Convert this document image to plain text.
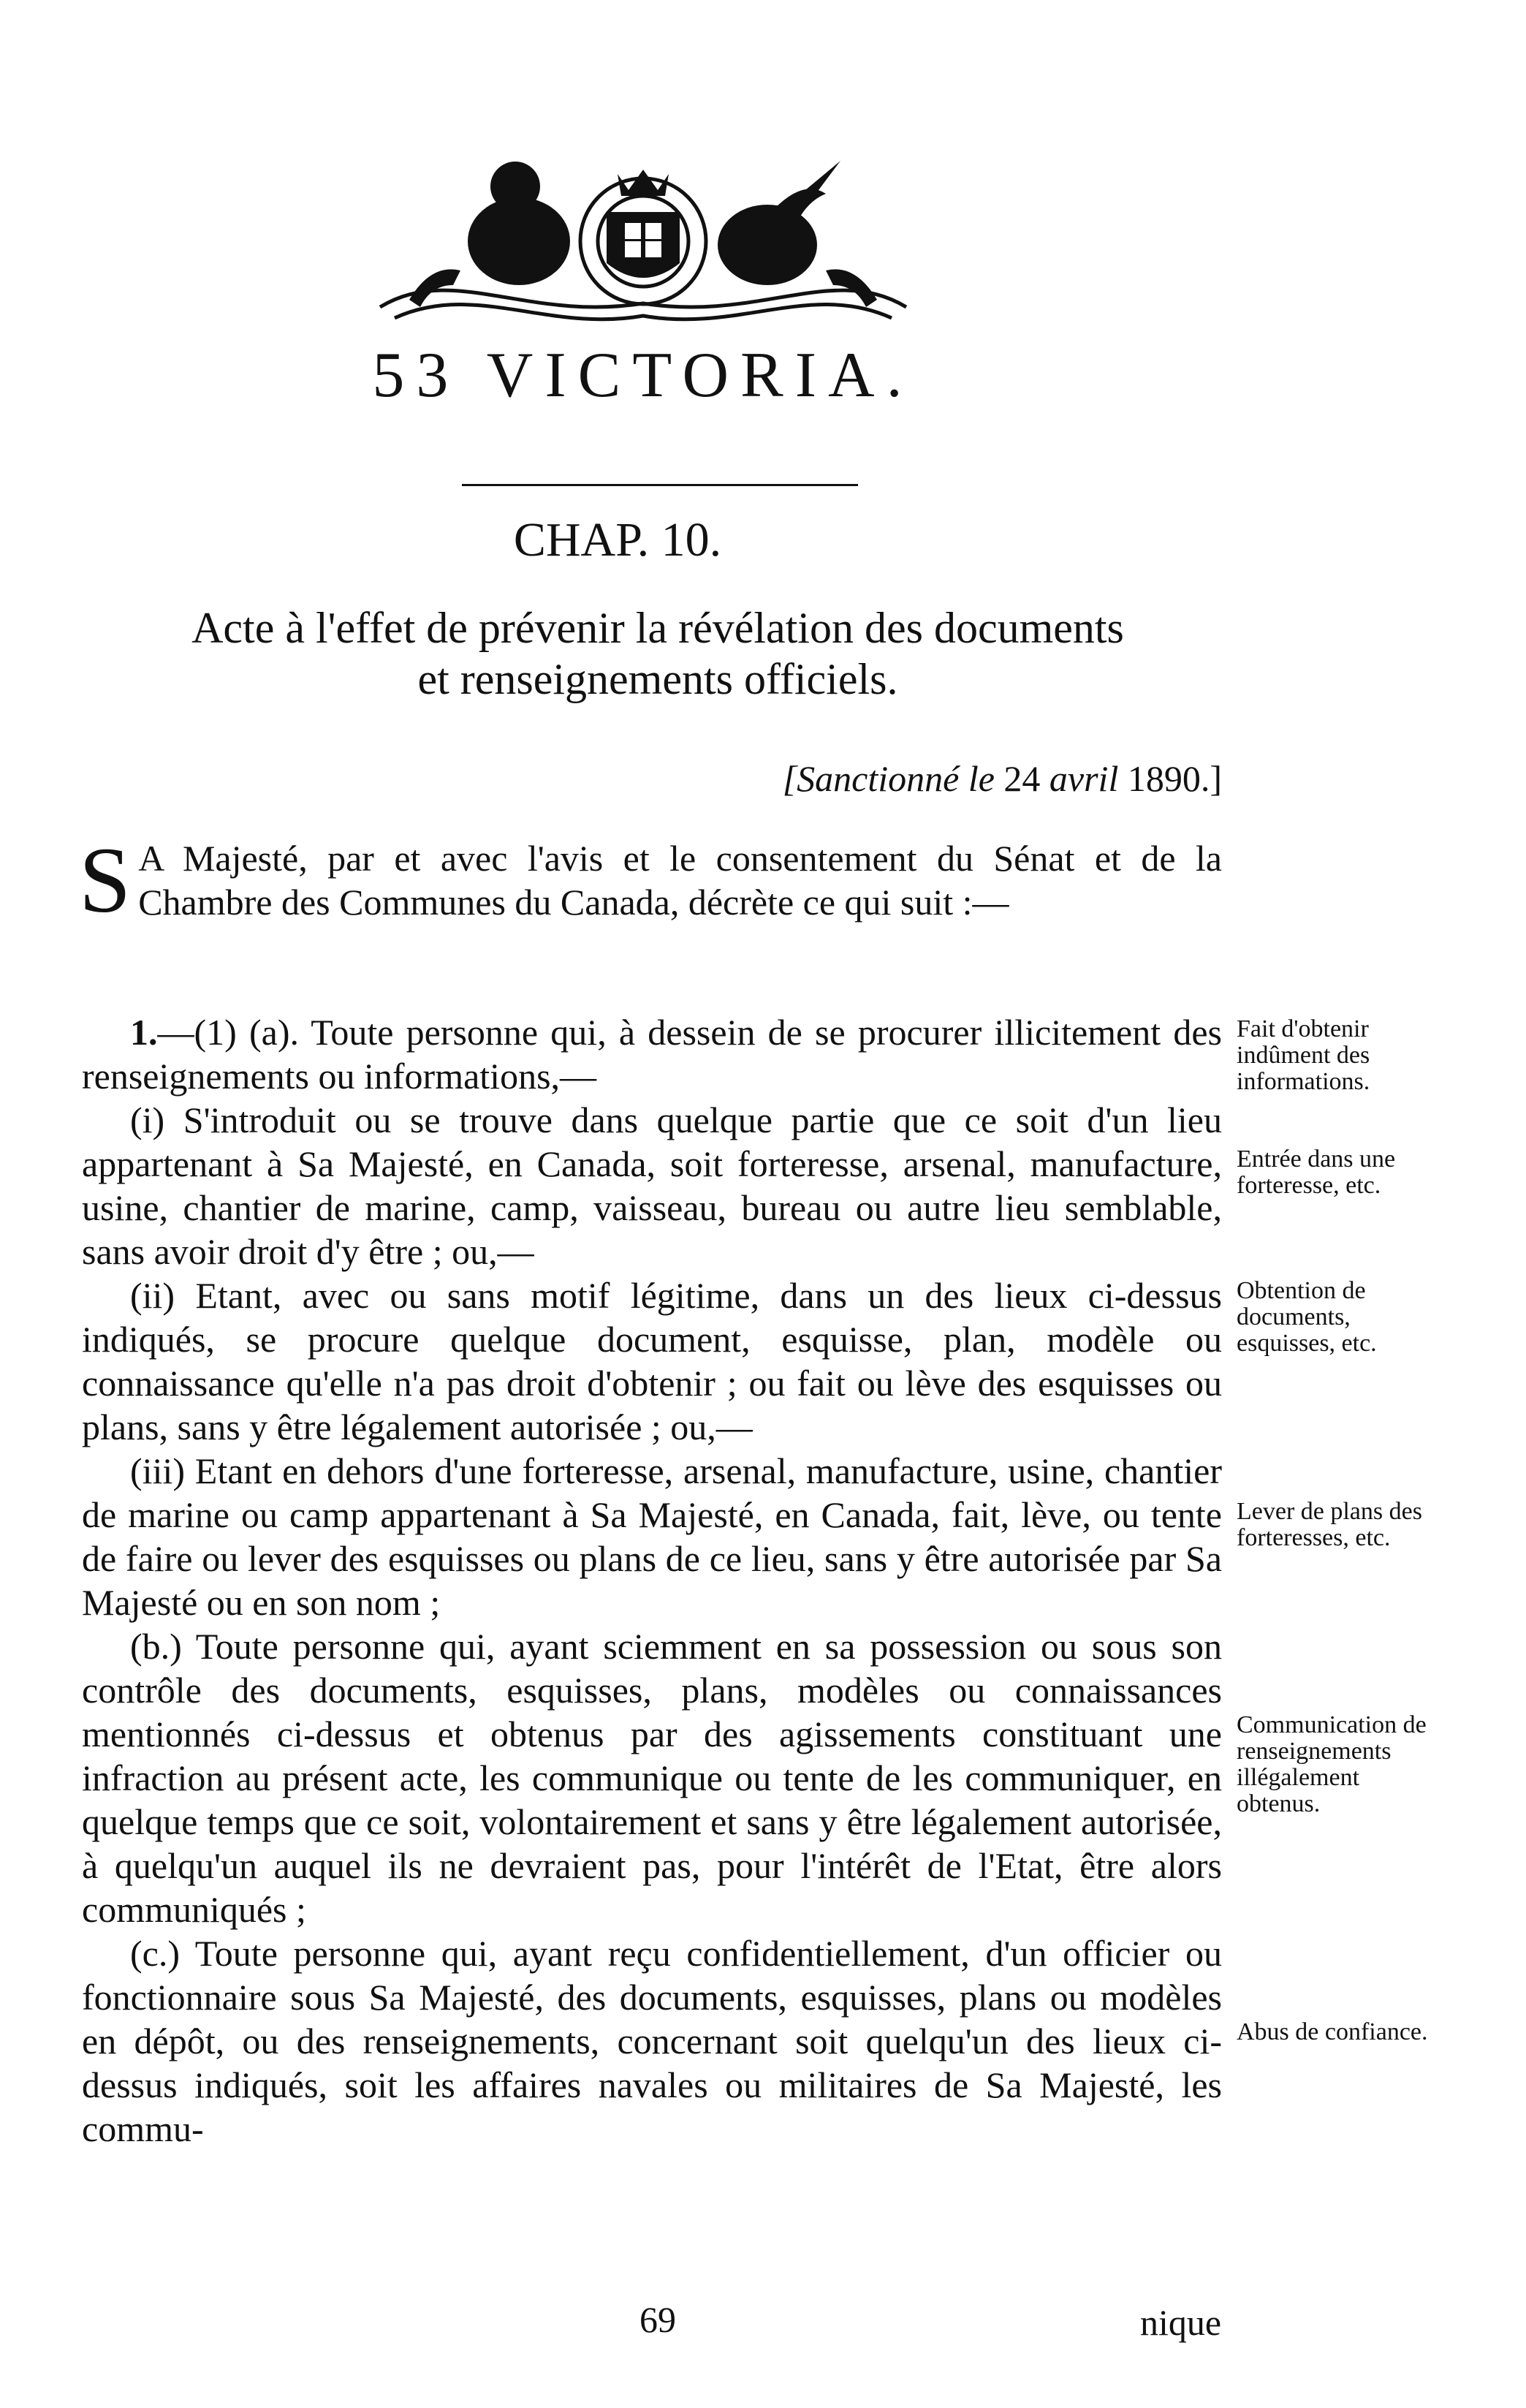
53 VICTORIA.
CHAP. 10.
Acte à l'effet de prévenir la révélation des documents
et renseignements officiels.
[Sanctionné le 24 avril 1890.]

S A Majesté, par et avec l'avis et le consentement du Sénat et de la Chambre des Communes du Canada, décrète ce qui suit :—

1.—(1) (a). Toute personne qui, à dessein de se procurer illicitement des renseignements ou informations,—

(i) S'introduit ou se trouve dans quelque partie que ce soit d'un lieu appartenant à Sa Majesté, en Canada, soit forteresse, arsenal, manufacture, usine, chantier de marine, camp, vaisseau, bureau ou autre lieu semblable, sans avoir droit d'y être ; ou,—

(ii) Etant, avec ou sans motif légitime, dans un des lieux ci-dessus indiqués, se procure quelque document, esquisse, plan, modèle ou connaissance qu'elle n'a pas droit d'obtenir ; ou fait ou lève des esquisses ou plans, sans y être légalement autorisée ; ou,—

(iii) Etant en dehors d'une forteresse, arsenal, manufacture, usine, chantier de marine ou camp appartenant à Sa Majesté, en Canada, fait, lève, ou tente de faire ou lever des esquisses ou plans de ce lieu, sans y être autorisée par Sa Majesté ou en son nom ;

(b.) Toute personne qui, ayant sciemment en sa possession ou sous son contrôle des documents, esquisses, plans, modèles ou connaissances mentionnés ci-dessus et obtenus par des agissements constituant une infraction au présent acte, les communique ou tente de les communiquer, en quelque temps que ce soit, volontairement et sans y être légalement autorisée, à quelqu'un auquel ils ne devraient pas, pour l'intérêt de l'Etat, être alors communiqués ;

(c.) Toute personne qui, ayant reçu confidentiellement, d'un officier ou fonctionnaire sous Sa Majesté, des documents, esquisses, plans ou modèles en dépôt, ou des renseignements, concernant soit quelqu'un des lieux ci-dessus indiqués, soit les affaires navales ou militaires de Sa Majesté, les commu-

Fait d'obtenir indûment des informations.
Entrée dans une forteresse, etc.
Obtention de documents, esquisses, etc.
Lever de plans des forteresses, etc.
Communication de renseignements illégalement obtenus.
Abus de confiance.
69	nique
